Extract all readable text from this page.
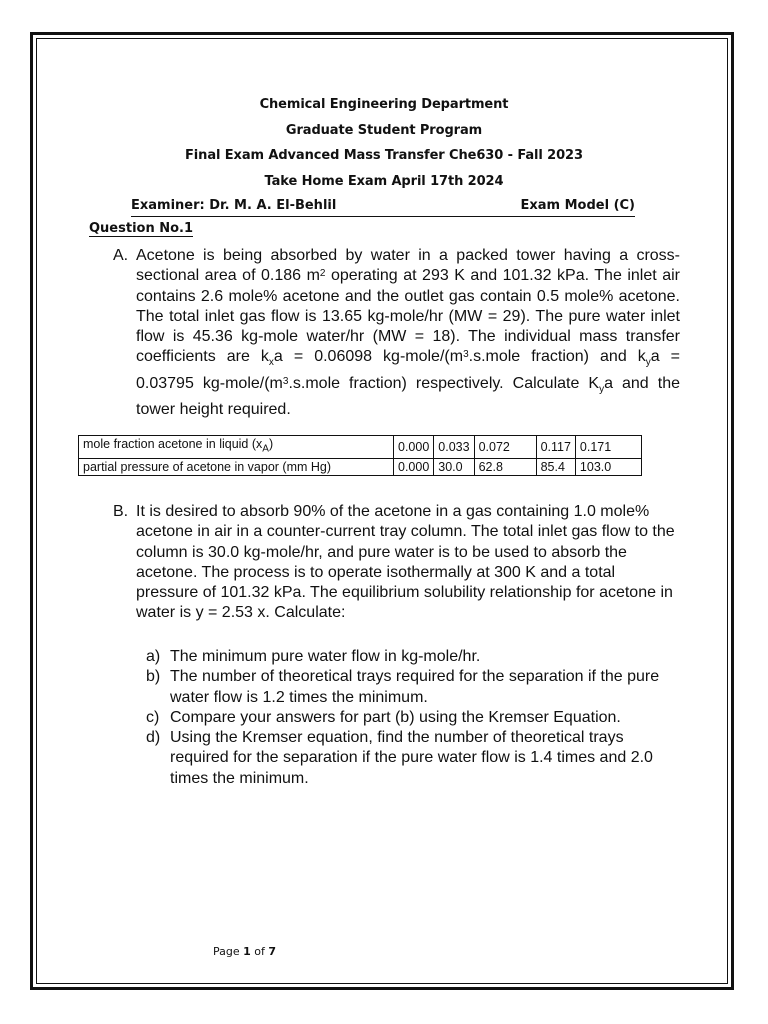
Chemical Engineering Department
Graduate Student Program
Final Exam Advanced Mass Transfer Che630 - Fall 2023
Take Home Exam April 17th 2024
Examiner: Dr. M. A. El-Behlil	Exam Model (C)
Question No.1
A. Acetone is being absorbed by water in a packed tower having a cross-sectional area of 0.186 $m^2$ operating at 293 K and 101.32 kPa. The inlet air contains 2.6 mole% acetone and the outlet gas contain 0.5 mole% acetone. The total inlet gas flow is 13.65 kg-mole/hr (MW = 29). The pure water inlet flow is 45.36 kg-mole water/hr (MW = 18). The individual mass transfer coefficients are $k_xa = 0.06098$ $kg-mole/(m^3.s.mole$ fraction) and $k_ya = 0.03795$ $kg-mole/(m^3.s.mole$ fraction) respectively. Calculate $K_ya$ and the tower height required.
mole fraction acetone in liquid $(x_A)$	0.000	0.033	0.072	0.117	0.171
partial pressure of acetone in vapor (mm Hg)	0.000	30.0	62.8	85.4	103.0
B. It is desired to absorb 90% of the acetone in a gas containing 1.0 mole% acetone in air in a counter-current tray column. The total inlet gas flow to the column is 30.0 kg-mole/hr, and pure water is to be used to absorb the acetone. The process is to operate isothermally at 300 K and a total pressure of 101.32 kPa. The equilibrium solubility relationship for acetone in water is y = 2.53 x. Calculate:
a) The minimum pure water flow in kg-mole/hr.
b) The number of theoretical trays required for the separation if the pure water flow is 1.2 times the minimum.
c) Compare your answers for part (b) using the Kremser Equation.
d) Using the Kremser equation, find the number of theoretical trays required for the separation if the pure water flow is 1.4 times and 2.0 times the minimum.
Page 1 of 7
